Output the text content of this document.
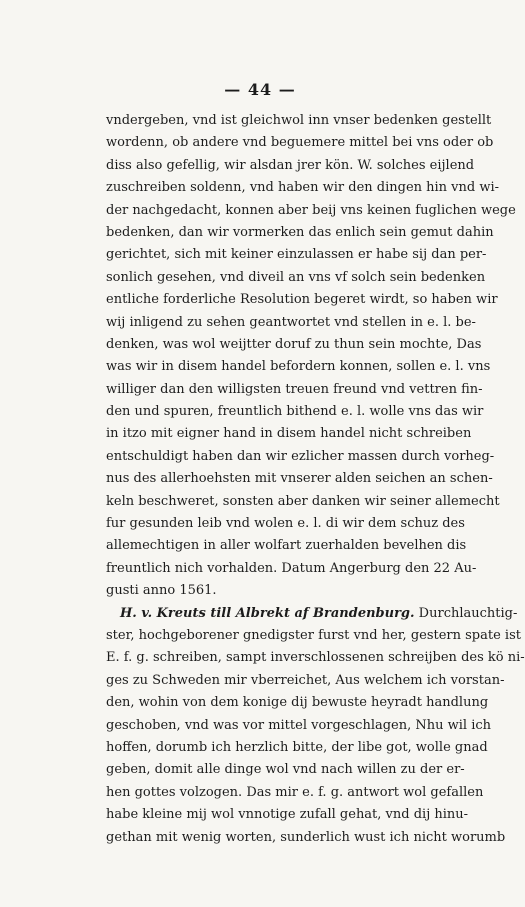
— 44 —
vndergeben, vnd ist gleichwol inn vnser bedenken gestellt
wordenn, ob andere vnd beguemere mittel bei vns oder ob
diss also gefellig, wir alsdan jrer kön. W. solches eijlend
zuschreiben soldenn, vnd haben wir den dingen hin vnd wi-
der nachgedacht, konnen aber beij vns keinen fuglichen wege
bedenken, dan wir vormerken das enlich sein gemut dahin
gerichtet, sich mit keiner einzulassen er habe sij dan per-
sonlich gesehen, vnd diveil an vns vf solch sein bedenken
entliche forderliche Resolution begeret wirdt, so haben wir
wij inligend zu sehen geantwortet vnd stellen in e. l. be-
denken, was wol weijtter doruf zu thun sein mochte, Das
was wir in disem handel befordern konnen, sollen e. l. vns
williger dan den willigsten treuen freund vnd vettren fin-
den und spuren, freuntlich bithend e. l. wolle vns das wir
in itzo mit eigner hand in disem handel nicht schreiben
entschuldigt haben dan wir ezlicher massen durch vorheg-
nus des allerhoehsten mit vnserer alden seichen an schen-
keln beschweret, sonsten aber danken wir seiner allemecht
fur gesunden leib vnd wolen e. l. di wir dem schuz des
allemechtigen in aller wolfart zuerhalden bevelhen dis
freuntlich nich vorhalden. Datum Angerburg den 22 Au-
gusti anno 1561.
H. v. Kreuts till Albrekt af Brandenburg. Durchlauchtig-
ster, hochgeborener gnedigster furst vnd her, gestern spate ist
E. f. g. schreiben, sampt inverschlossenen schreijben des kö ni-
ges zu Schweden mir vberreichet, Aus welchem ich vorstan-
den, wohin von dem konige dij bewuste heyradt handlung
geschoben, vnd was vor mittel vorgeschlagen, Nhu wil ich
hoffen, dorumb ich herzlich bitte, der libe got, wolle gnad
geben, domit alle dinge wol vnd nach willen zu der er-
hen gottes volzogen. Das mir e. f. g. antwort wol gefallen
habe kleine mij wol vnnotige zufall gehat, vnd dij hinu-
gethan mit wenig worten, sunderlich wust ich nicht worumb
